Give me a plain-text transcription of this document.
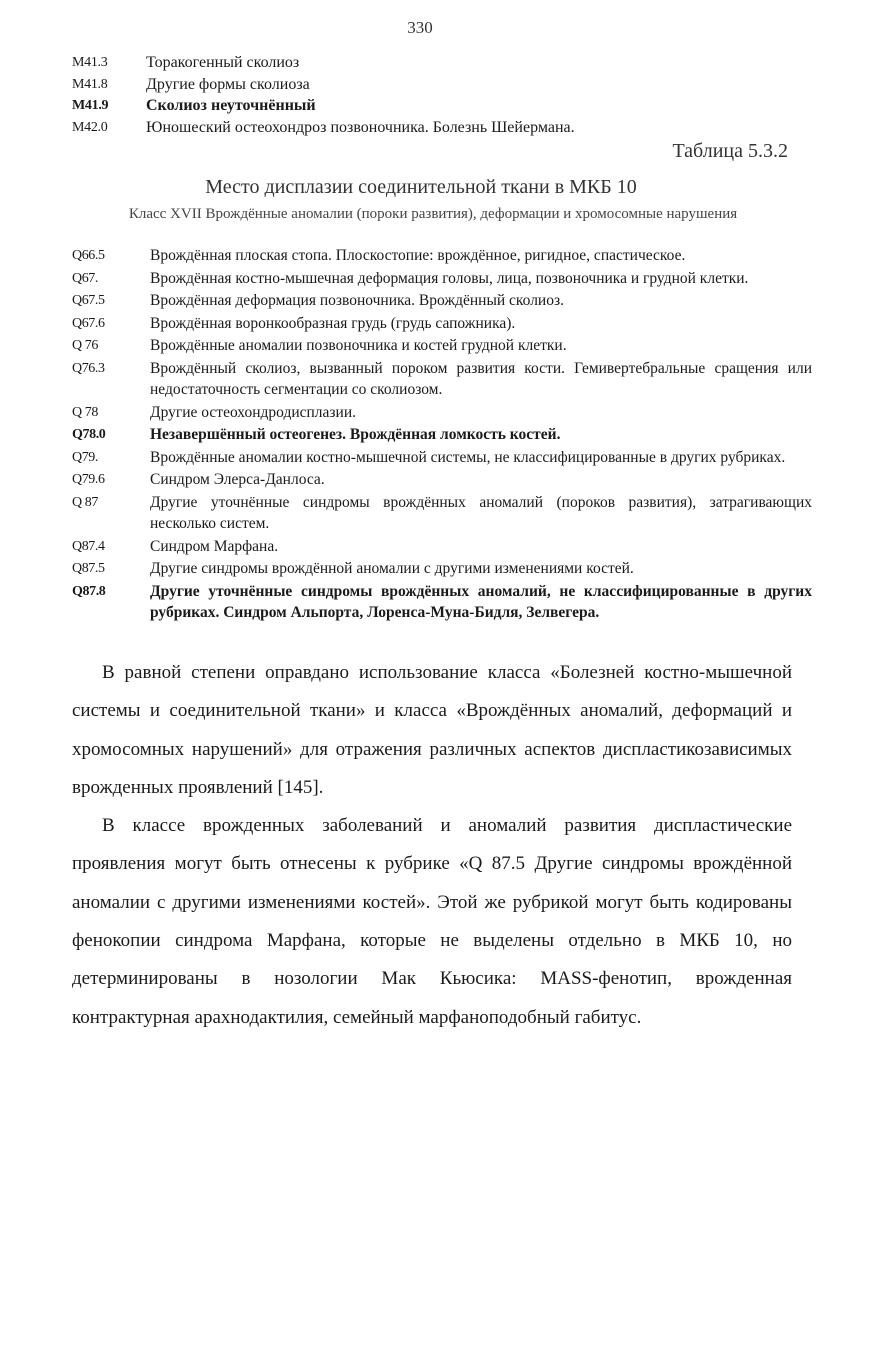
330
M41.3	Торакогенный сколиоз
M41.8	Другие формы сколиоза
M41.9	Сколиоз неуточнённый
M42.0	Юношеский остеохондроз позвоночника. Болезнь Шейермана.
Таблица 5.3.2
Место дисплазии соединительной ткани в МКБ 10
Класс XVII Врождённые аномалии (пороки развития), деформации и хромосомные нарушения
Q66.5	Врождённая плоская стопа. Плоскостопие: врождённое, ригидное, спастическое.
Q67.	Врождённая костно-мышечная деформация головы, лица, позвоночника и грудной клетки.
Q67.5	Врождённая деформация позвоночника. Врождённый сколиоз.
Q67.6	Врождённая воронкообразная грудь (грудь сапожника).
Q 76	Врождённые аномалии позвоночника и костей грудной клетки.
Q76.3	Врождённый сколиоз, вызванный пороком развития кости. Гемивертебральные сращения или недостаточность сегментации со сколиозом.
Q 78	Другие остеохондродисплазии.
Q78.0	Незавершённый остеогенез. Врождённая ломкость костей.
Q79.	Врождённые аномалии костно-мышечной системы, не классифицированные в других рубриках.
Q79.6	Синдром Элерса-Данлоса.
Q 87	Другие уточнённые синдромы врождённых аномалий (пороков развития), затрагивающих несколько систем.
Q87.4	Синдром Марфана.
Q87.5	Другие синдромы врождённой аномалии с другими изменениями костей.
Q87.8	Другие уточнённые синдромы врождённых аномалий, не классифицированные в других рубриках. Синдром Альпорта, Лоренса-Муна-Бидля, Зелвегера.

В равной степени оправдано использование класса «Болезней костно-мышечной системы и соединительной ткани» и класса «Врождённых аномалий, деформаций и хромосомных нарушений» для отражения различных аспектов диспластикозависимых врожденных проявлений [145].

В классе врожденных заболеваний и аномалий развития диспластические проявления могут быть отнесены к рубрике «Q 87.5 Другие синдромы врождённой аномалии с другими изменениями костей». Этой же рубрикой могут быть кодированы фенокопии синдрома Марфана, которые не выделены отдельно в МКБ 10, но детерминированы в нозологии Мак Кьюсика: MASS-фенотип, врожденная контрактурная арахнодактилия, семейный марфаноподобный габитус.
